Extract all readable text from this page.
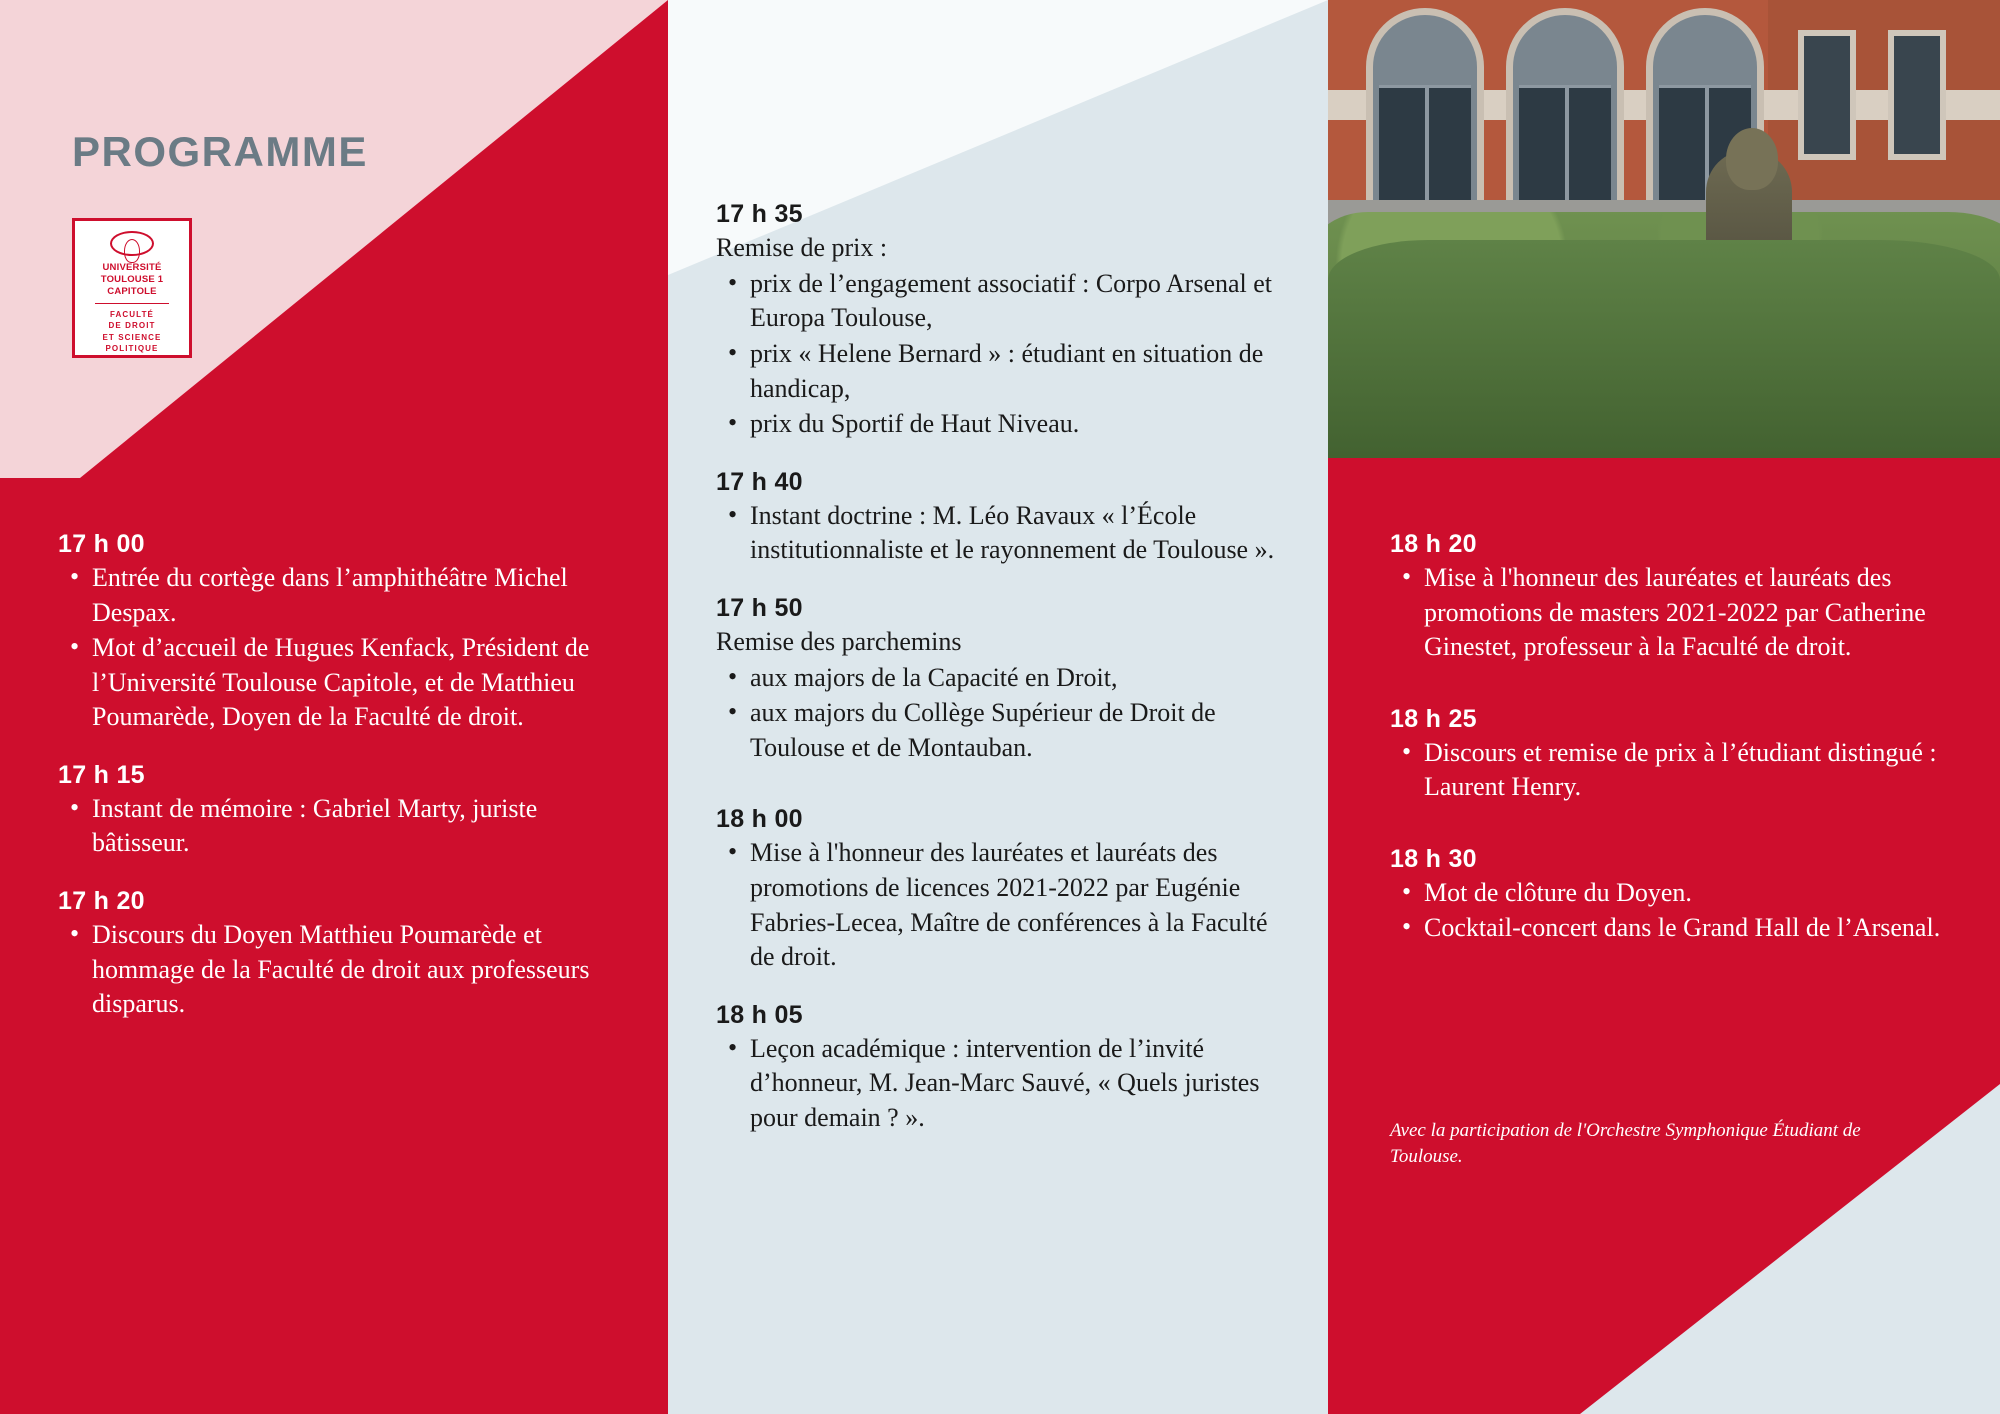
PROGRAMME
UNIVERSITÉ
TOULOUSE 1
CAPITOLE
FACULTÉ
DE DROIT
ET SCIENCE
POLITIQUE
17 h 00
• Entrée du cortège dans l’amphithéâtre Michel Despax.
• Mot d’accueil de Hugues Kenfack, Président de l’Université Toulouse Capitole, et de Matthieu Poumarède, Doyen de la Faculté de droit.
17 h 15
• Instant de mémoire : Gabriel Marty, juriste bâtisseur.
17 h 20
• Discours du Doyen Matthieu Poumarède et hommage de la Faculté de droit aux professeurs disparus.
17 h 35

Remise de prix :

• prix de l’engagement associatif : Corpo Arsenal et Europa Toulouse,
• prix « Helene Bernard » : étudiant en situation de handicap,
• prix du Sportif de Haut Niveau.
17 h 40
• Instant doctrine : M. Léo Ravaux « l’École institutionnaliste et le rayonnement de Toulouse ».
17 h 50

Remise des parchemins

• aux majors de la Capacité en Droit,
• aux majors du Collège Supérieur de Droit de Toulouse et de Montauban.
18 h 00
• Mise à l'honneur des lauréates et lauréats des promotions de licences 2021-2022 par Eugénie Fabries-Lecea, Maître de conférences à la Faculté de droit.
18 h 05
• Leçon académique : intervention de l’invité d’honneur, M. Jean-Marc Sauvé, « Quels juristes pour demain ? ».
18 h 20
• Mise à l'honneur des lauréates et lauréats des promotions de masters 2021-2022 par Catherine Ginestet, professeur à la Faculté de droit.
18 h 25
• Discours et remise de prix à l’étudiant distingué : Laurent Henry.
18 h 30
• Mot de clôture du Doyen.
• Cocktail-concert dans le Grand Hall de l’Arsenal.
Avec la participation de l'Orchestre Symphonique Étudiant de Toulouse.
